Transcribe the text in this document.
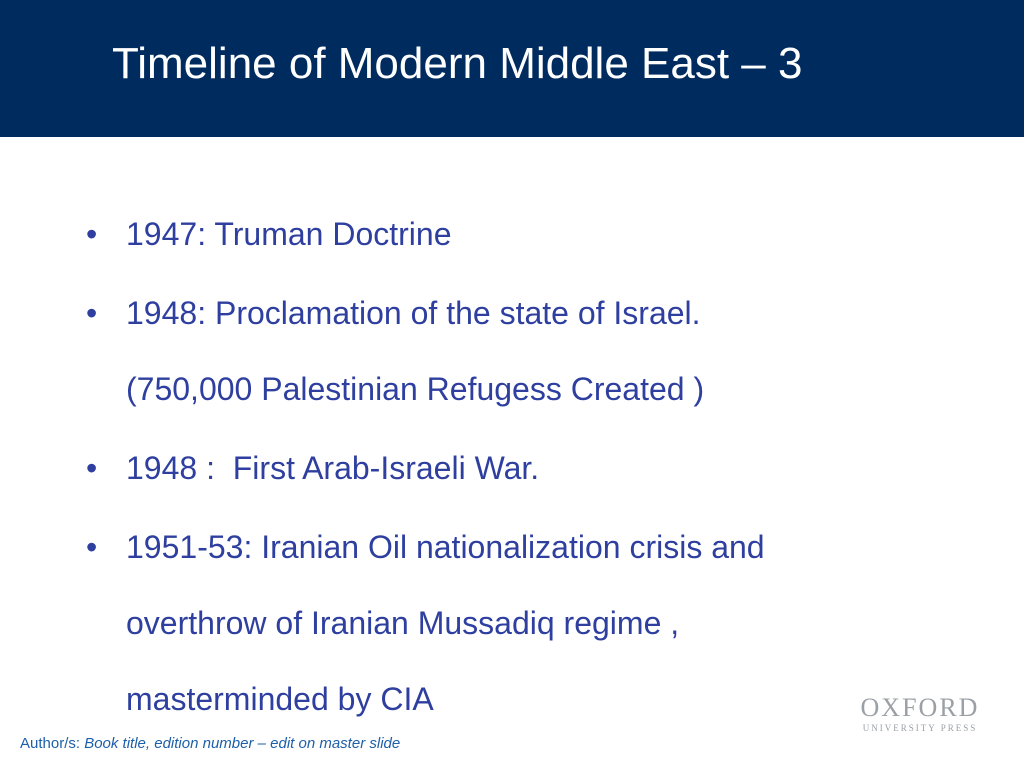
Timeline of Modern Middle East – 3
• 1947: Truman Doctrine
• 1948: Proclamation of the state of Israel.
(750,000 Palestinian Refugess Created )
• 1948 :  First Arab-Israeli War.
• 1951-53: Iranian Oil nationalization crisis and
overthrow of Iranian Mussadiq regime ,
masterminded by CIA
Author/s: Book title, edition number – edit on master slide
OXFORD
UNIVERSITY PRESS
